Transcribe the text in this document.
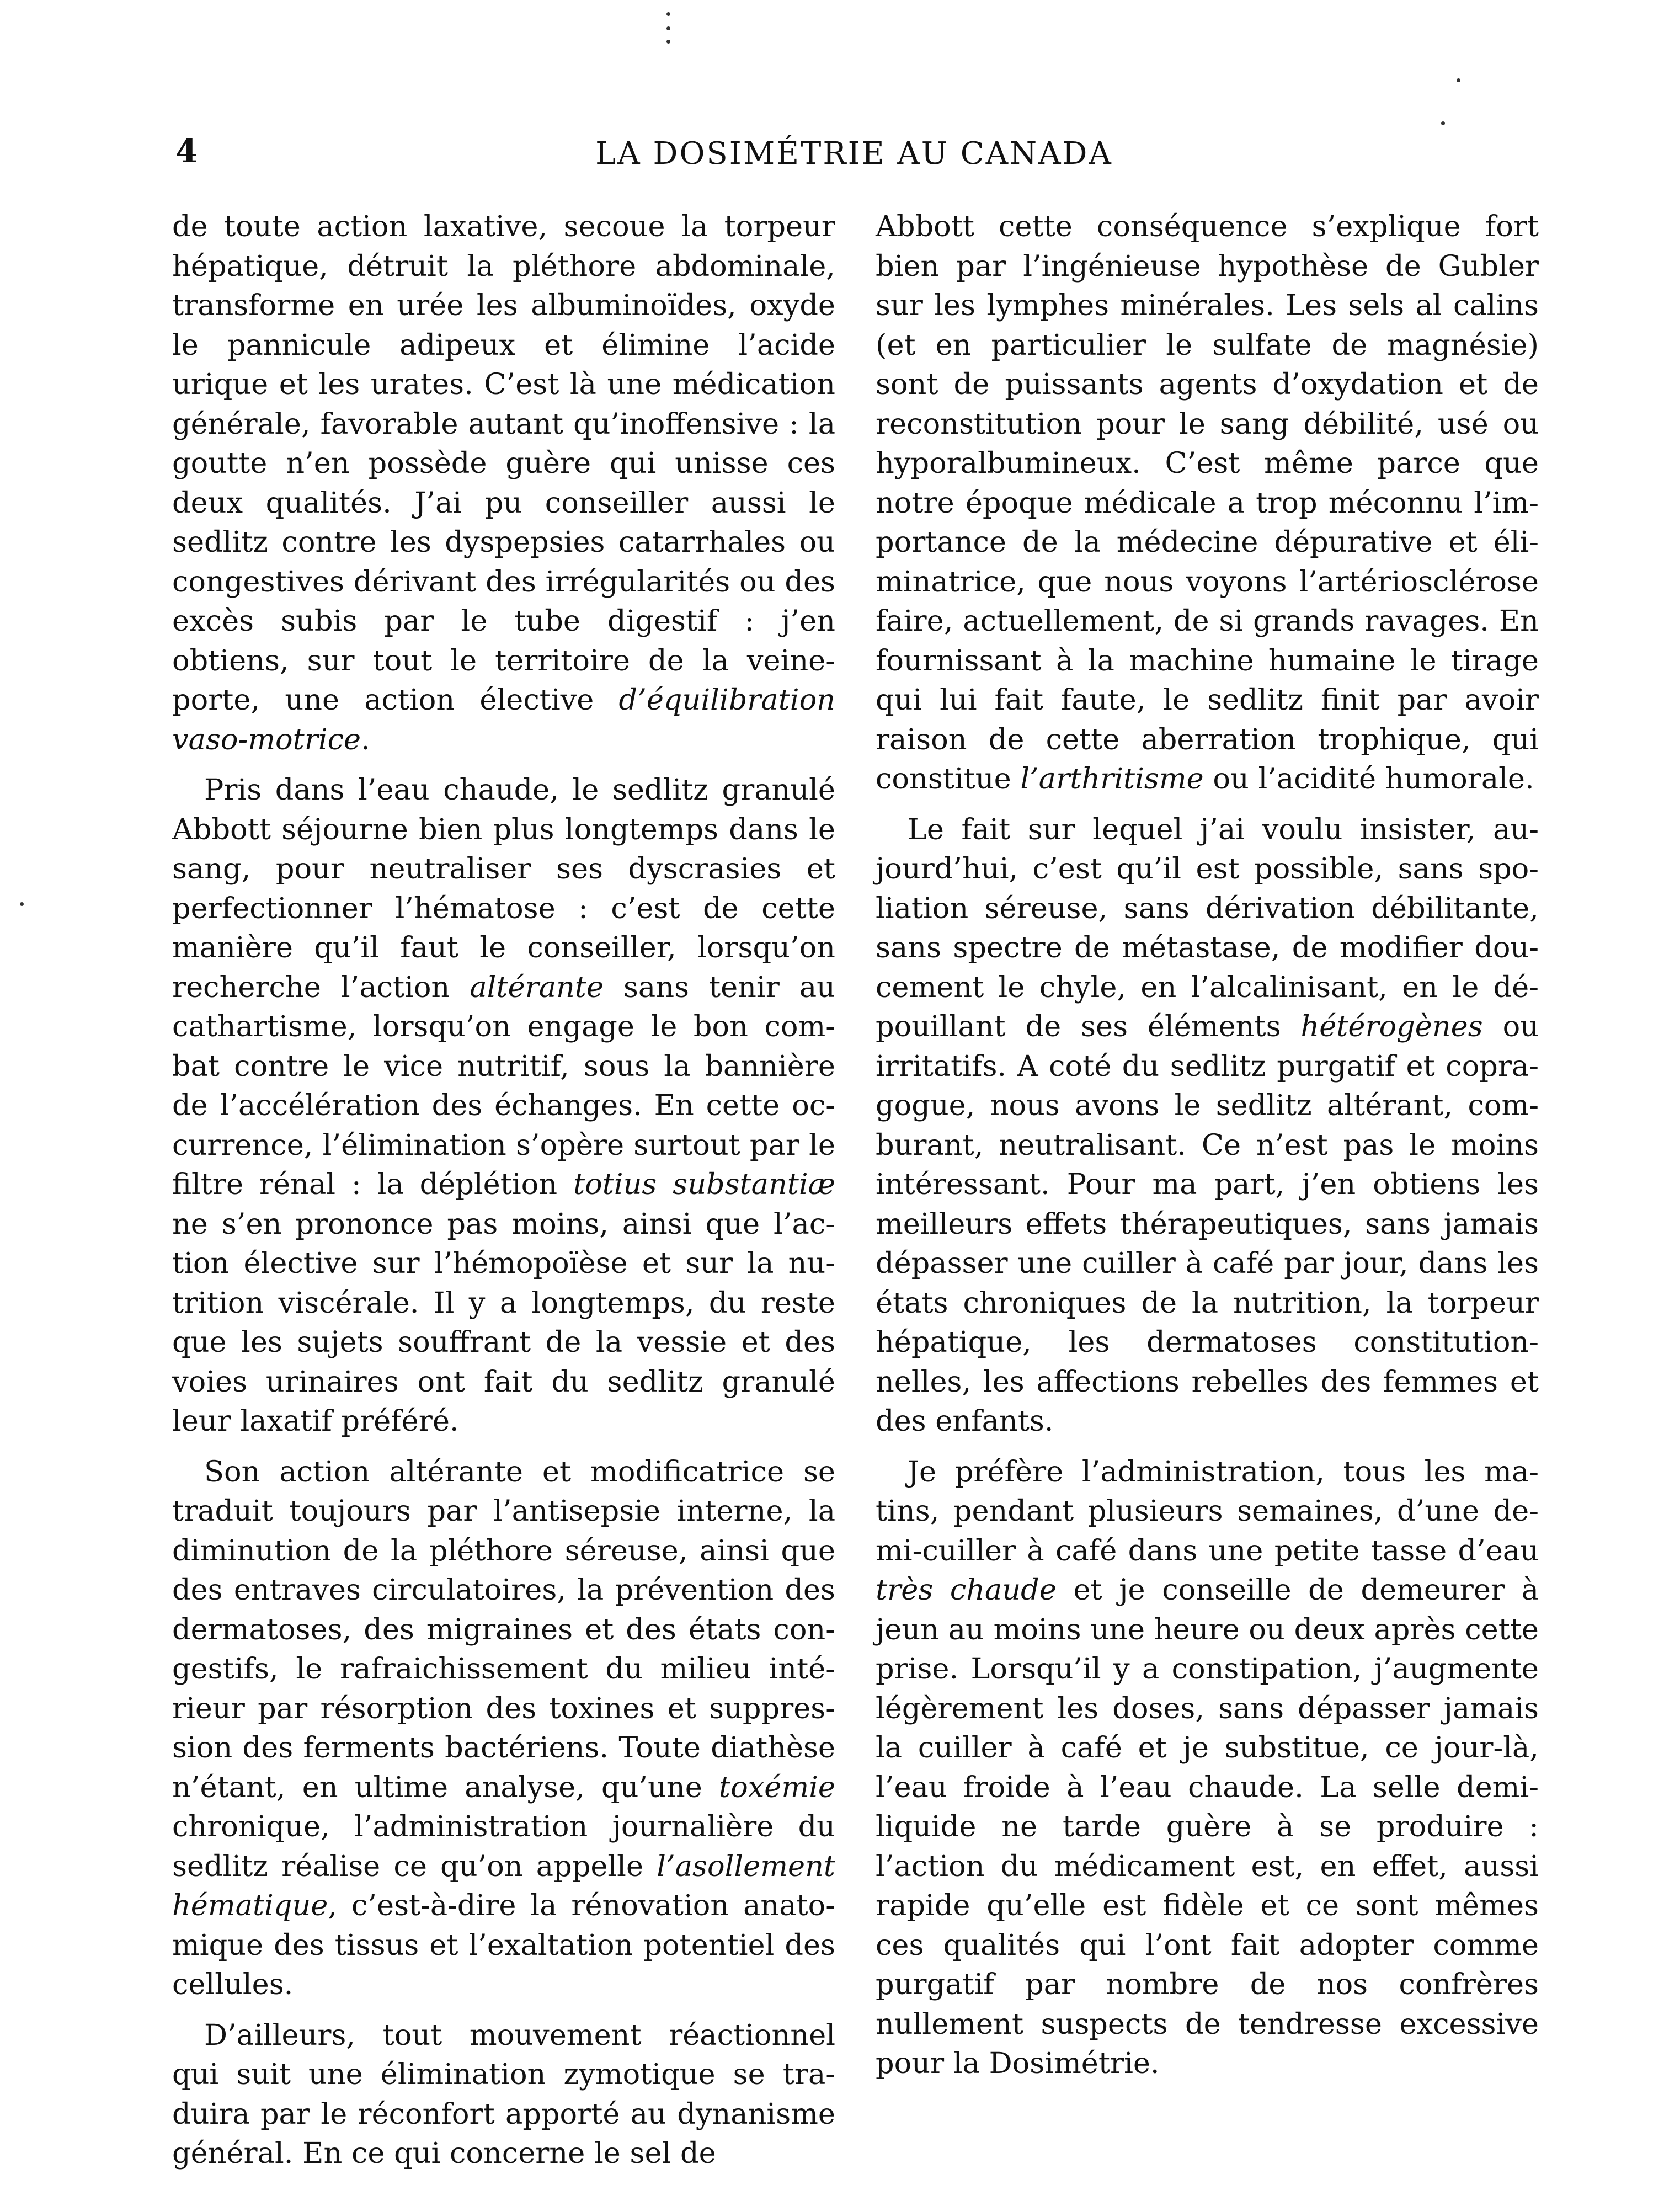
4	LA DOSIMÉTRIE AU CANADA

de toute action laxative, secoue la torpeur hépatique, détruit la pléthore abdominale, transforme en urée les albuminoïdes, oxyde le pannicule adipeux et élimine l’acide urique et les urates. C’est là une médication générale, favorable autant qu’inoffensive : la goutte n’en possède guère qui unisse ces deux qualités. J’ai pu conseiller aussi le sedlitz contre les dyspepsies catarrhales ou congestives dérivant des irrégularités ou des excès subis par le tube digestif : j’en obtiens, sur tout le territoire de la veine-porte, une action élective d’équilibration vaso-motrice.

Pris dans l’eau chaude, le sedlitz granulé Abbott séjourne bien plus longtemps dans le sang, pour neutraliser ses dyscrasies et perfectionner l’hématose : c’est de cette manière qu’il faut le conseiller, lorsqu’on recherche l’action altérante sans tenir au cathartisme, lorsqu’on engage le bon combat contre le vice nutritif, sous la bannière de l’accélération des échanges. En cette occurrence, l’élimination s’opère surtout par le filtre rénal : la déplétion totius substantiæ ne s’en prononce pas moins, ainsi que l’action élective sur l’hémopoïèse et sur la nutrition viscérale. Il y a longtemps, du reste que les sujets souffrant de la vessie et des voies urinaires ont fait du sedlitz granulé leur laxatif préféré.

Son action altérante et modificatrice se traduit toujours par l’antisepsie interne, la diminution de la pléthore séreuse, ainsi que des entraves circulatoires, la prévention des dermatoses, des migraines et des états congestifs, le rafraichissement du milieu intérieur par résorption des toxines et suppression des ferments bactériens. Toute diathèse n’étant, en ultime analyse, qu’une toxémie chronique, l’administration journalière du sedlitz réalise ce qu’on appelle l’asollement hématique, c’est-à-dire la rénovation anatomique des tissus et l’exaltation potentiel des cellules.

D’ailleurs, tout mouvement réactionnel qui suit une élimination zymotique se traduira par le réconfort apporté au dynanisme général. En ce qui concerne le sel de

Abbott cette conséquence s’explique fort bien par l’ingénieuse hypothèse de Gubler sur les lymphes minérales. Les sels al calins (et en particulier le sulfate de magnésie) sont de puissants agents d’oxydation et de reconstitution pour le sang débilité, usé ou hyporalbumineux. C’est même parce que notre époque médicale a trop méconnu l’importance de la médecine dépurative et éliminatrice, que nous voyons l’artériosclérose faire, actuellement, de si grands ravages. En fournissant à la machine humaine le tirage qui lui fait faute, le sedlitz finit par avoir raison de cette aberration trophique, qui constitue l’arthritisme ou l’acidité humorale.

Le fait sur lequel j’ai voulu insister, aujourd’hui, c’est qu’il est possible, sans spoliation séreuse, sans dérivation débilitante, sans spectre de métastase, de modifier doucement le chyle, en l’alcalinisant, en le dépouillant de ses éléments hétérogènes ou irritatifs. A coté du sedlitz purgatif et copragogue, nous avons le sedlitz altérant, comburant, neutralisant. Ce n’est pas le moins intéressant. Pour ma part, j’en obtiens les meilleurs effets thérapeutiques, sans jamais dépasser une cuiller à café par jour, dans les états chroniques de la nutrition, la torpeur hépatique, les dermatoses constitutionnelles, les affections rebelles des femmes et des enfants.

Je préfère l’administration, tous les matins, pendant plusieurs semaines, d’une demi-cuiller à café dans une petite tasse d’eau très chaude et je conseille de demeurer à jeun au moins une heure ou deux après cette prise. Lorsqu’il y a constipation, j’augmente légèrement les doses, sans dépasser jamais la cuiller à café et je substitue, ce jour-là, l’eau froide à l’eau chaude. La selle demi-liquide ne tarde guère à se produire : l’action du médicament est, en effet, aussi rapide qu’elle est fidèle et ce sont mêmes ces qualités qui l’ont fait adopter comme purgatif par nombre de nos confrères nullement suspects de tendresse excessive pour la Dosimétrie.
